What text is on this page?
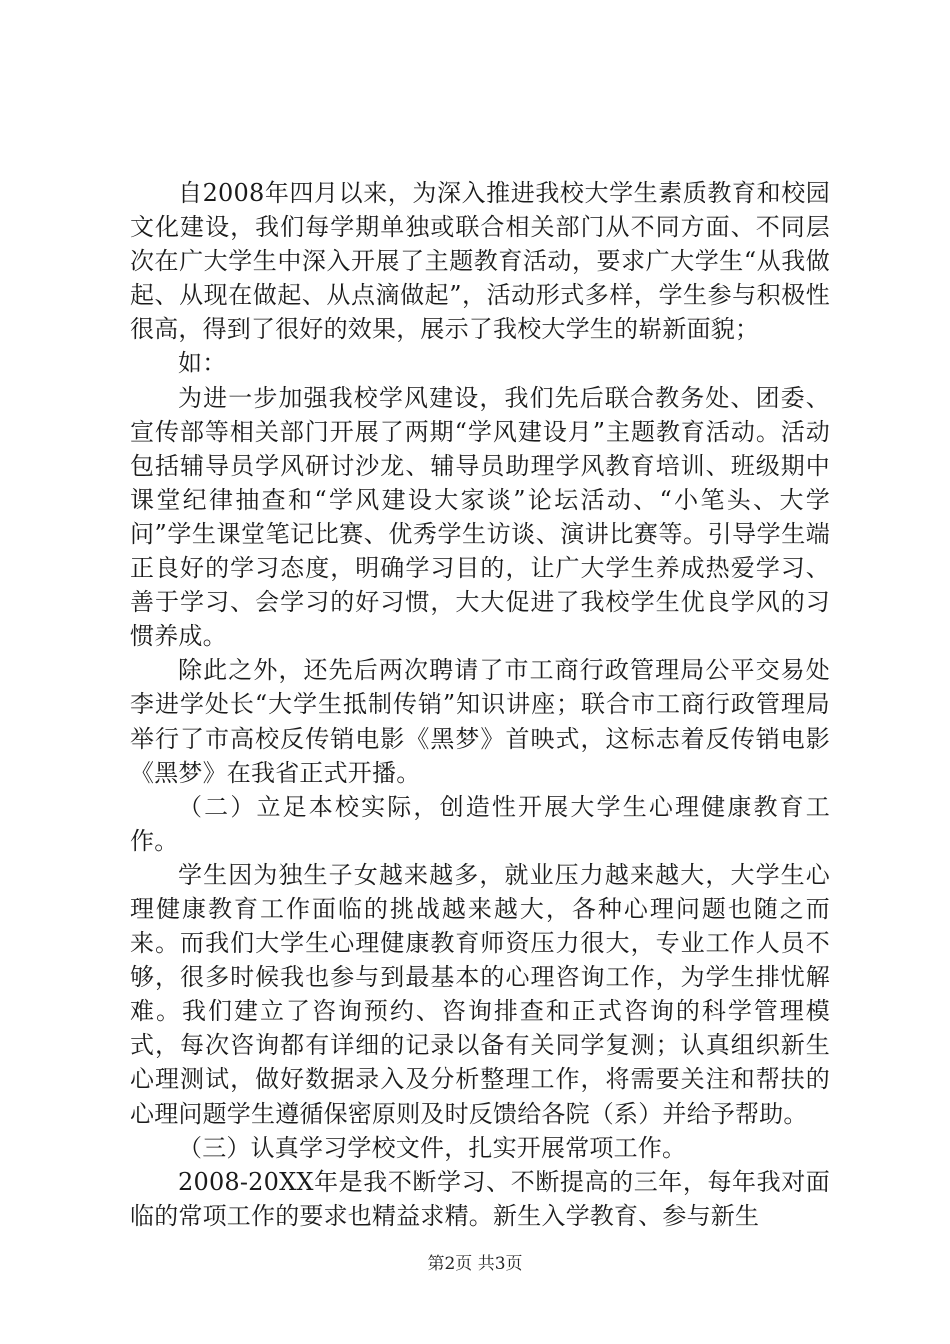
自2008年四月以来，为深入推进我校大学生素质教育和校园文化建设，我们每学期单独或联合相关部门从不同方面、不同层次在广大学生中深入开展了主题教育活动，要求广大学生“从我做起、从现在做起、从点滴做起”，活动形式多样，学生参与积极性很高，得到了很好的效果，展示了我校大学生的崭新面貌；

如：

为进一步加强我校学风建设，我们先后联合教务处、团委、宣传部等相关部门开展了两期“学风建设月”主题教育活动。活动包括辅导员学风研讨沙龙、辅导员助理学风教育培训、班级期中课堂纪律抽查和“学风建设大家谈”论坛活动、“小笔头、大学问”学生课堂笔记比赛、优秀学生访谈、演讲比赛等。引导学生端正良好的学习态度，明确学习目的，让广大学生养成热爱学习、善于学习、会学习的好习惯，大大促进了我校学生优良学风的习惯养成。

除此之外，还先后两次聘请了市工商行政管理局公平交易处李进学处长“大学生抵制传销”知识讲座；联合市工商行政管理局举行了市高校反传销电影《黑梦》首映式，这标志着反传销电影《黑梦》在我省正式开播。

（二）立足本校实际，创造性开展大学生心理健康教育工作。

学生因为独生子女越来越多，就业压力越来越大，大学生心理健康教育工作面临的挑战越来越大，各种心理问题也随之而来。而我们大学生心理健康教育师资压力很大，专业工作人员不够，很多时候我也参与到最基本的心理咨询工作，为学生排忧解难。我们建立了咨询预约、咨询排查和正式咨询的科学管理模式，每次咨询都有详细的记录以备有关同学复测；认真组织新生心理测试，做好数据录入及分析整理工作，将需要关注和帮扶的心理问题学生遵循保密原则及时反馈给各院（系）并给予帮助。

（三）认真学习学校文件，扎实开展常项工作。

2008-20XX年是我不断学习、不断提高的三年，每年我对面临的常项工作的要求也精益求精。新生入学教育、参与新生

第2页 共3页
